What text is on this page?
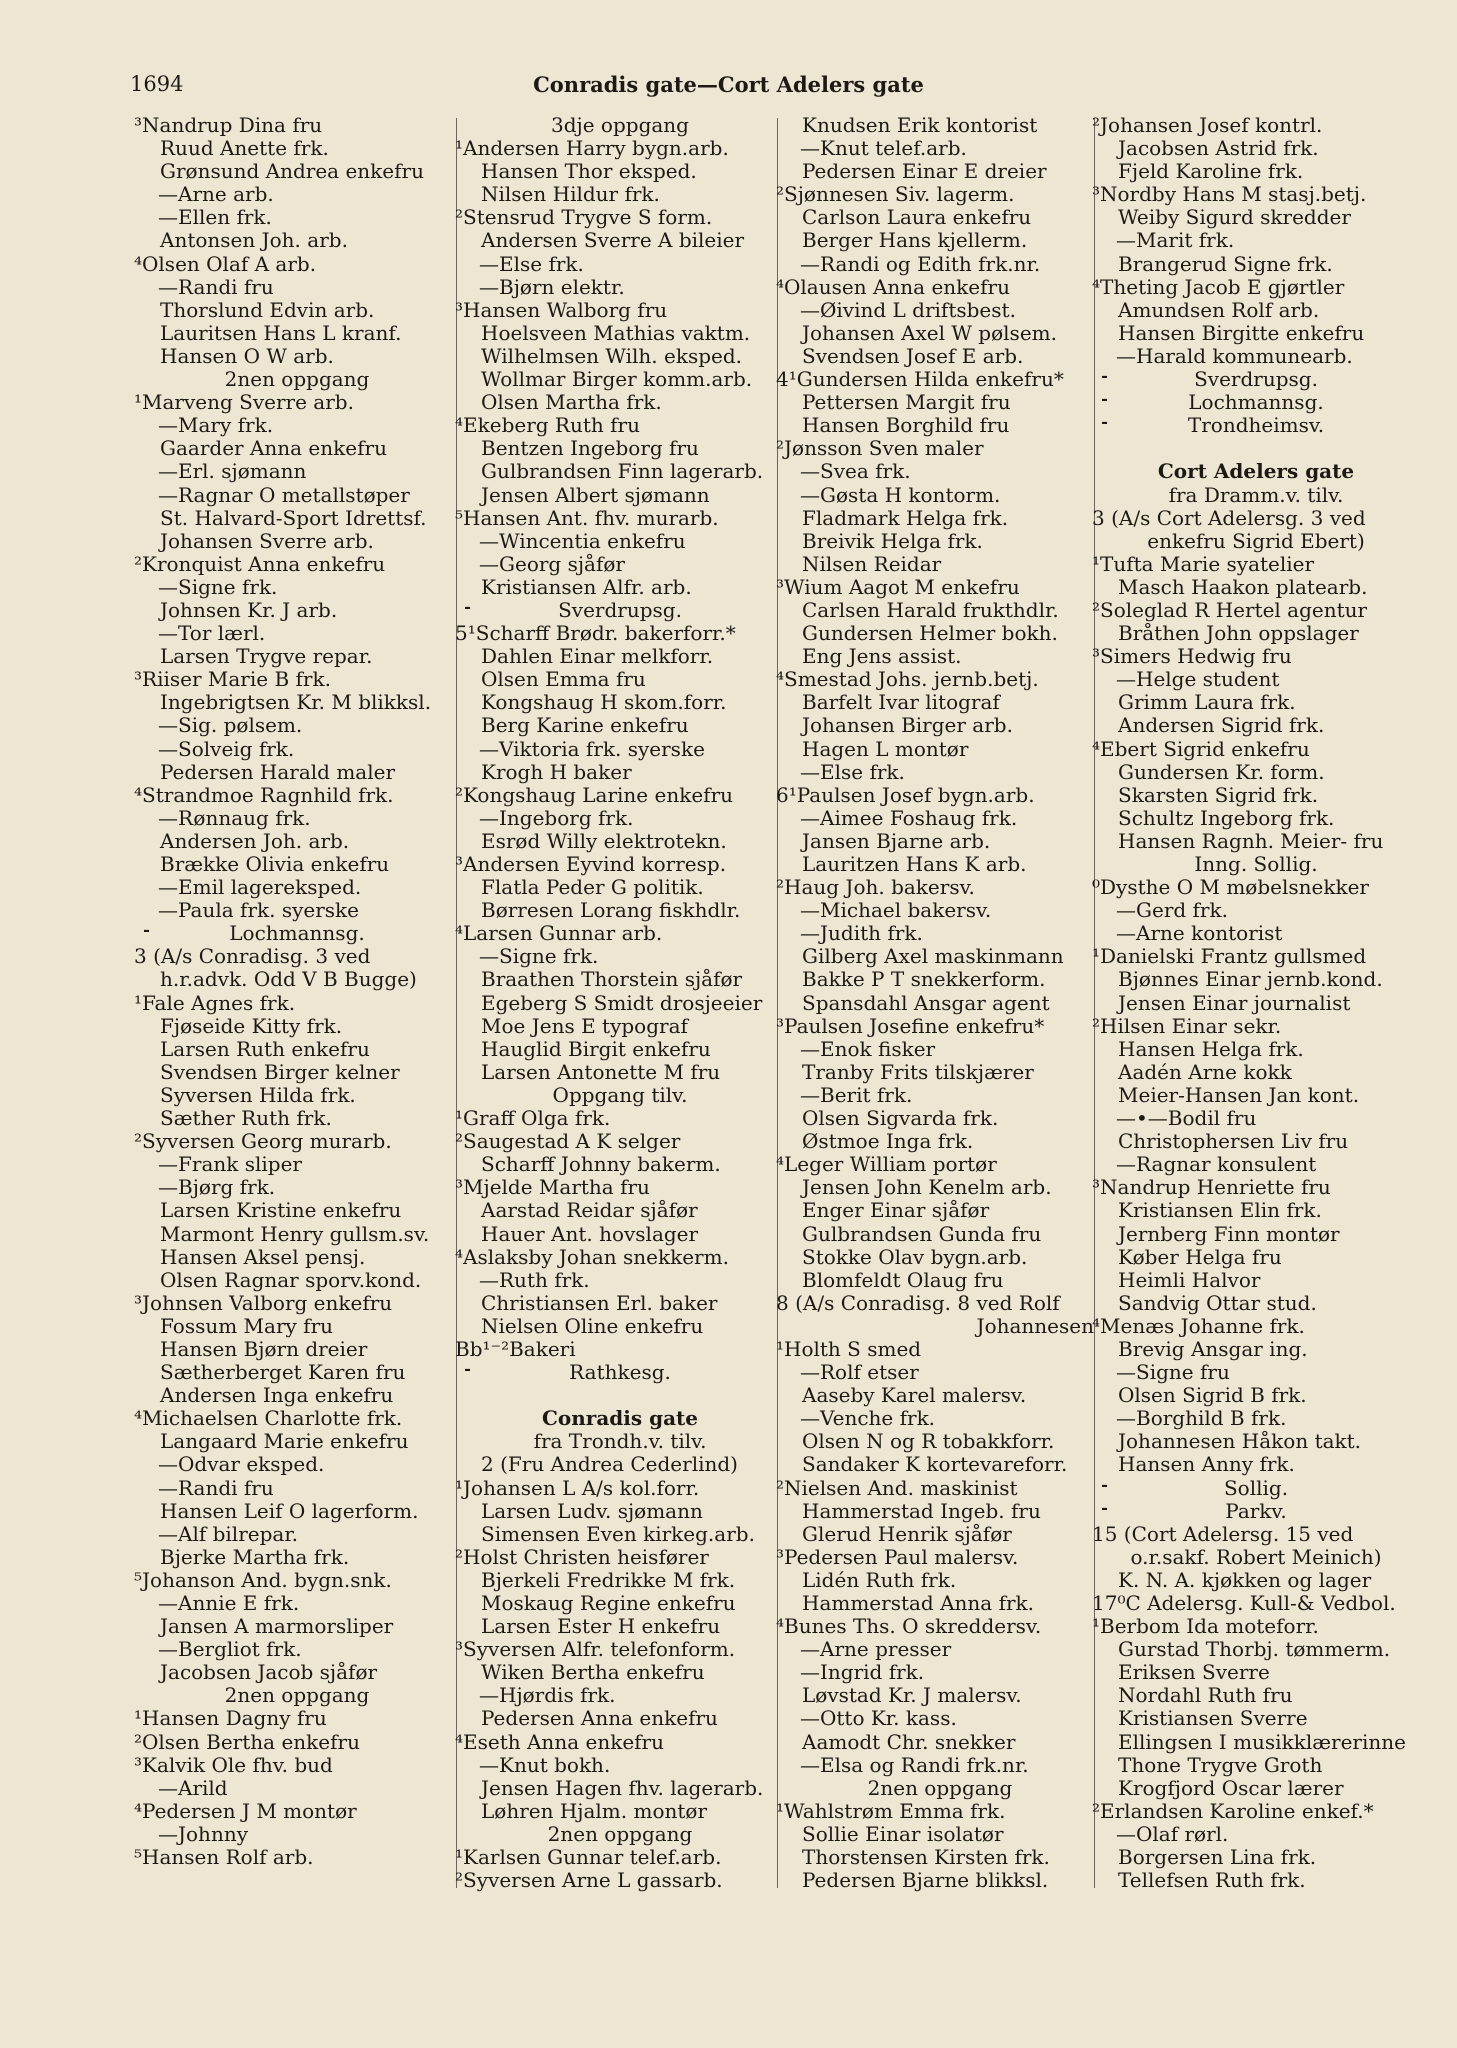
1694	Conradis gate—Cort Adelers gate
³Nandrup Dina fru
Ruud Anette frk.
Grønsund Andrea enkefru
—Arne arb.
—Ellen frk.
Antonsen Joh. arb.
⁴Olsen Olaf A arb.
—Randi fru
Thorslund Edvin arb.
Lauritsen Hans L kranf.
Hansen O W arb.
2nen oppgang
¹Marveng Sverre arb.
—Mary frk.
Gaarder Anna enkefru
—Erl. sjømann
—Ragnar O metallstøper
St. Halvard-Sport Idrettsf.
Johansen Sverre arb.
²Kronquist Anna enkefru
—Signe frk.
Johnsen Kr. J arb.
—Tor lærl.
Larsen Trygve repar.
³Riiser Marie B frk.
Ingebrigtsen Kr. M blikksl.
—Sig. pølsem.
—Solveig frk.
Pedersen Harald maler
⁴Strandmoe Ragnhild frk.
—Rønnaug frk.
Andersen Joh. arb.
Brække Olivia enkefru
—Emil lagereksped.
—Paula frk. syerske
+ Lochmannsg.
3 (A/s Conradisg. 3 ved
h.r.advk. Odd V B Bugge)
¹Fale Agnes frk.
Fjøseide Kitty frk.
Larsen Ruth enkefru
Svendsen Birger kelner
Syversen Hilda frk.
Sæther Ruth frk.
²Syversen Georg murarb.
—Frank sliper
—Bjørg frk.
Larsen Kristine enkefru
Marmont Henry gullsm.sv.
Hansen Aksel pensj.
Olsen Ragnar sporv.kond.
³Johnsen Valborg enkefru
Fossum Mary fru
Hansen Bjørn dreier
Sætherberget Karen fru
Andersen Inga enkefru
⁴Michaelsen Charlotte frk.
Langaard Marie enkefru
—Odvar eksped.
—Randi fru
Hansen Leif O lagerform.
—Alf bilrepar.
Bjerke Martha frk.
⁵Johanson And. bygn.snk.
—Annie E frk.
Jansen A marmorsliper
—Bergliot frk.
Jacobsen Jacob sjåfør
2nen oppgang
¹Hansen Dagny fru
²Olsen Bertha enkefru
³Kalvik Ole fhv. bud
—Arild
⁴Pedersen J M montør
—Johnny
⁵Hansen Rolf arb.
3dje oppgang
¹Andersen Harry bygn.arb.
Hansen Thor eksped.
Nilsen Hildur frk.
²Stensrud Trygve S form.
Andersen Sverre A bileier
—Else frk.
—Bjørn elektr.
³Hansen Walborg fru
Hoelsveen Mathias vaktm.
Wilhelmsen Wilh. eksped.
Wollmar Birger komm.arb.
Olsen Martha frk.
⁴Ekeberg Ruth fru
Bentzen Ingeborg fru
Gulbrandsen Finn lagerarb.
Jensen Albert sjømann
⁵Hansen Ant. fhv. murarb.
—Wincentia enkefru
—Georg sjåfør
Kristiansen Alfr. arb.
+ Sverdrupsg.
5¹Scharff Brødr. bakerforr.*
Dahlen Einar melkforr.
Olsen Emma fru
Kongshaug H skom.forr.
Berg Karine enkefru
—Viktoria frk. syerske
Krogh H baker
²Kongshaug Larine enkefru
—Ingeborg frk.
Esrød Willy elektrotekn.
³Andersen Eyvind korresp.
Flatla Peder G politik.
Børresen Lorang fiskhdlr.
⁴Larsen Gunnar arb.
—Signe frk.
Braathen Thorstein sjåfør
Egeberg S Smidt drosjeeier
Moe Jens E typograf
Hauglid Birgit enkefru
Larsen Antonette M fru
Oppgang tilv.
¹Graff Olga frk.
²Saugestad A K selger
Scharff Johnny bakerm.
³Mjelde Martha fru
Aarstad Reidar sjåfør
Hauer Ant. hovslager
⁴Aslaksby Johan snekkerm.
—Ruth frk.
Christiansen Erl. baker
Nielsen Oline enkefru
Bb¹⁻²Bakeri
+ Rathkesg.

Conradis gate
fra Trondh.v. tilv.
2 (Fru Andrea Cederlind)
¹Johansen L A/s kol.forr.
Larsen Ludv. sjømann
Simensen Even kirkeg.arb.
²Holst Christen heisfører
Bjerkeli Fredrikke M frk.
Moskaug Regine enkefru
Larsen Ester H enkefru
³Syversen Alfr. telefonform.
Wiken Bertha enkefru
—Hjørdis frk.
Pedersen Anna enkefru
⁴Eseth Anna enkefru
—Knut bokh.
Jensen Hagen fhv. lagerarb.
Løhren Hjalm. montør
2nen oppgang
¹Karlsen Gunnar telef.arb.
²Syversen Arne L gassarb.
Knudsen Erik kontorist
—Knut telef.arb.
Pedersen Einar E dreier
²Sjønnesen Siv. lagerm.
Carlson Laura enkefru
Berger Hans kjellerm.
—Randi og Edith frk.nr.
⁴Olausen Anna enkefru
—Øivind L driftsbest.
Johansen Axel W pølsem.
Svendsen Josef E arb.
4¹Gundersen Hilda enkefru*
Pettersen Margit fru
Hansen Borghild fru
²Jønsson Sven maler
—Svea frk.
—Gøsta H kontorm.
Fladmark Helga frk.
Breivik Helga frk.
Nilsen Reidar
³Wium Aagot M enkefru
Carlsen Harald frukthdlr.
Gundersen Helmer bokh.
Eng Jens assist.
⁴Smestad Johs. jernb.betj.
Barfelt Ivar litograf
Johansen Birger arb.
Hagen L montør
—Else frk.
6¹Paulsen Josef bygn.arb.
—Aimee Foshaug frk.
Jansen Bjarne arb.
Lauritzen Hans K arb.
²Haug Joh. bakersv.
—Michael bakersv.
—Judith frk.
Gilberg Axel maskinmann
Bakke P T snekkerform.
Spansdahl Ansgar agent
³Paulsen Josefine enkefru*
—Enok fisker
Tranby Frits tilskjærer
—Berit frk.
Olsen Sigvarda frk.
Østmoe Inga frk.
⁴Leger William portør
Jensen John Kenelm arb.
Enger Einar sjåfør
Gulbrandsen Gunda fru
Stokke Olav bygn.arb.
Blomfeldt Olaug fru
8 (A/s Conradisg. 8 ved Rolf
Johannesen
¹Holth S smed
—Rolf etser
Aaseby Karel malersv.
—Venche frk.
Olsen N og R tobakkforr.
Sandaker K kortevareforr.
²Nielsen And. maskinist
Hammerstad Ingeb. fru
Glerud Henrik sjåfør
³Pedersen Paul malersv.
Lidén Ruth frk.
Hammerstad Anna frk.
⁴Bunes Ths. O skreddersv.
—Arne presser
—Ingrid frk.
Løvstad Kr. J malersv.
—Otto Kr. kass.
Aamodt Chr. snekker
—Elsa og Randi frk.nr.
2nen oppgang
¹Wahlstrøm Emma frk.
Sollie Einar isolatør
Thorstensen Kirsten frk.
Pedersen Bjarne blikksl.
²Johansen Josef kontrl.
Jacobsen Astrid frk.
Fjeld Karoline frk.
³Nordby Hans M stasj.betj.
Weiby Sigurd skredder
—Marit frk.
Brangerud Signe frk.
⁴Theting Jacob E gjørtler
Amundsen Rolf arb.
Hansen Birgitte enkefru
—Harald kommunearb.
+ Sverdrupsg.
+ Lochmannsg.
+ Trondheimsv.

Cort Adelers gate
fra Dramm.v. tilv.
3 (A/s Cort Adelersg. 3 ved
enkefru Sigrid Ebert)
¹Tufta Marie syatelier
Masch Haakon platearb.
²Soleglad R Hertel agentur
Bråthen John oppslager
³Simers Hedwig fru
—Helge student
Grimm Laura frk.
Andersen Sigrid frk.
⁴Ebert Sigrid enkefru
Gundersen Kr. form.
Skarsten Sigrid frk.
Schultz Ingeborg frk.
Hansen Ragnh. Meier- fru
Inng. Sollig.
⁰Dysthe O M møbelsnekker
—Gerd frk.
—Arne kontorist
¹Danielski Frantz gullsmed
Bjønnes Einar jernb.kond.
Jensen Einar journalist
²Hilsen Einar sekr.
Hansen Helga frk.
Aadén Arne kokk
Meier-Hansen Jan kont.
—•—Bodil fru
Christophersen Liv fru
—Ragnar konsulent
³Nandrup Henriette fru
Kristiansen Elin frk.
Jernberg Finn montør
Køber Helga fru
Heimli Halvor
Sandvig Ottar stud.
⁴Menæs Johanne frk.
Brevig Ansgar ing.
—Signe fru
Olsen Sigrid B frk.
—Borghild B frk.
Johannesen Håkon takt.
Hansen Anny frk.
+ Sollig.
+ Parkv.
15 (Cort Adelersg. 15 ved
o.r.sakf. Robert Meinich)
K. N. A. kjøkken og lager
17⁰C Adelersg. Kull-& Vedbol.
¹Berbom Ida moteforr.
Gurstad Thorbj. tømmerm.
Eriksen Sverre
Nordahl Ruth fru
Kristiansen Sverre
Ellingsen I musikklærerinne
Thone Trygve Groth
Krogfjord Oscar lærer
²Erlandsen Karoline enkef.*
—Olaf rørl.
Borgersen Lina frk.
Tellefsen Ruth frk.
